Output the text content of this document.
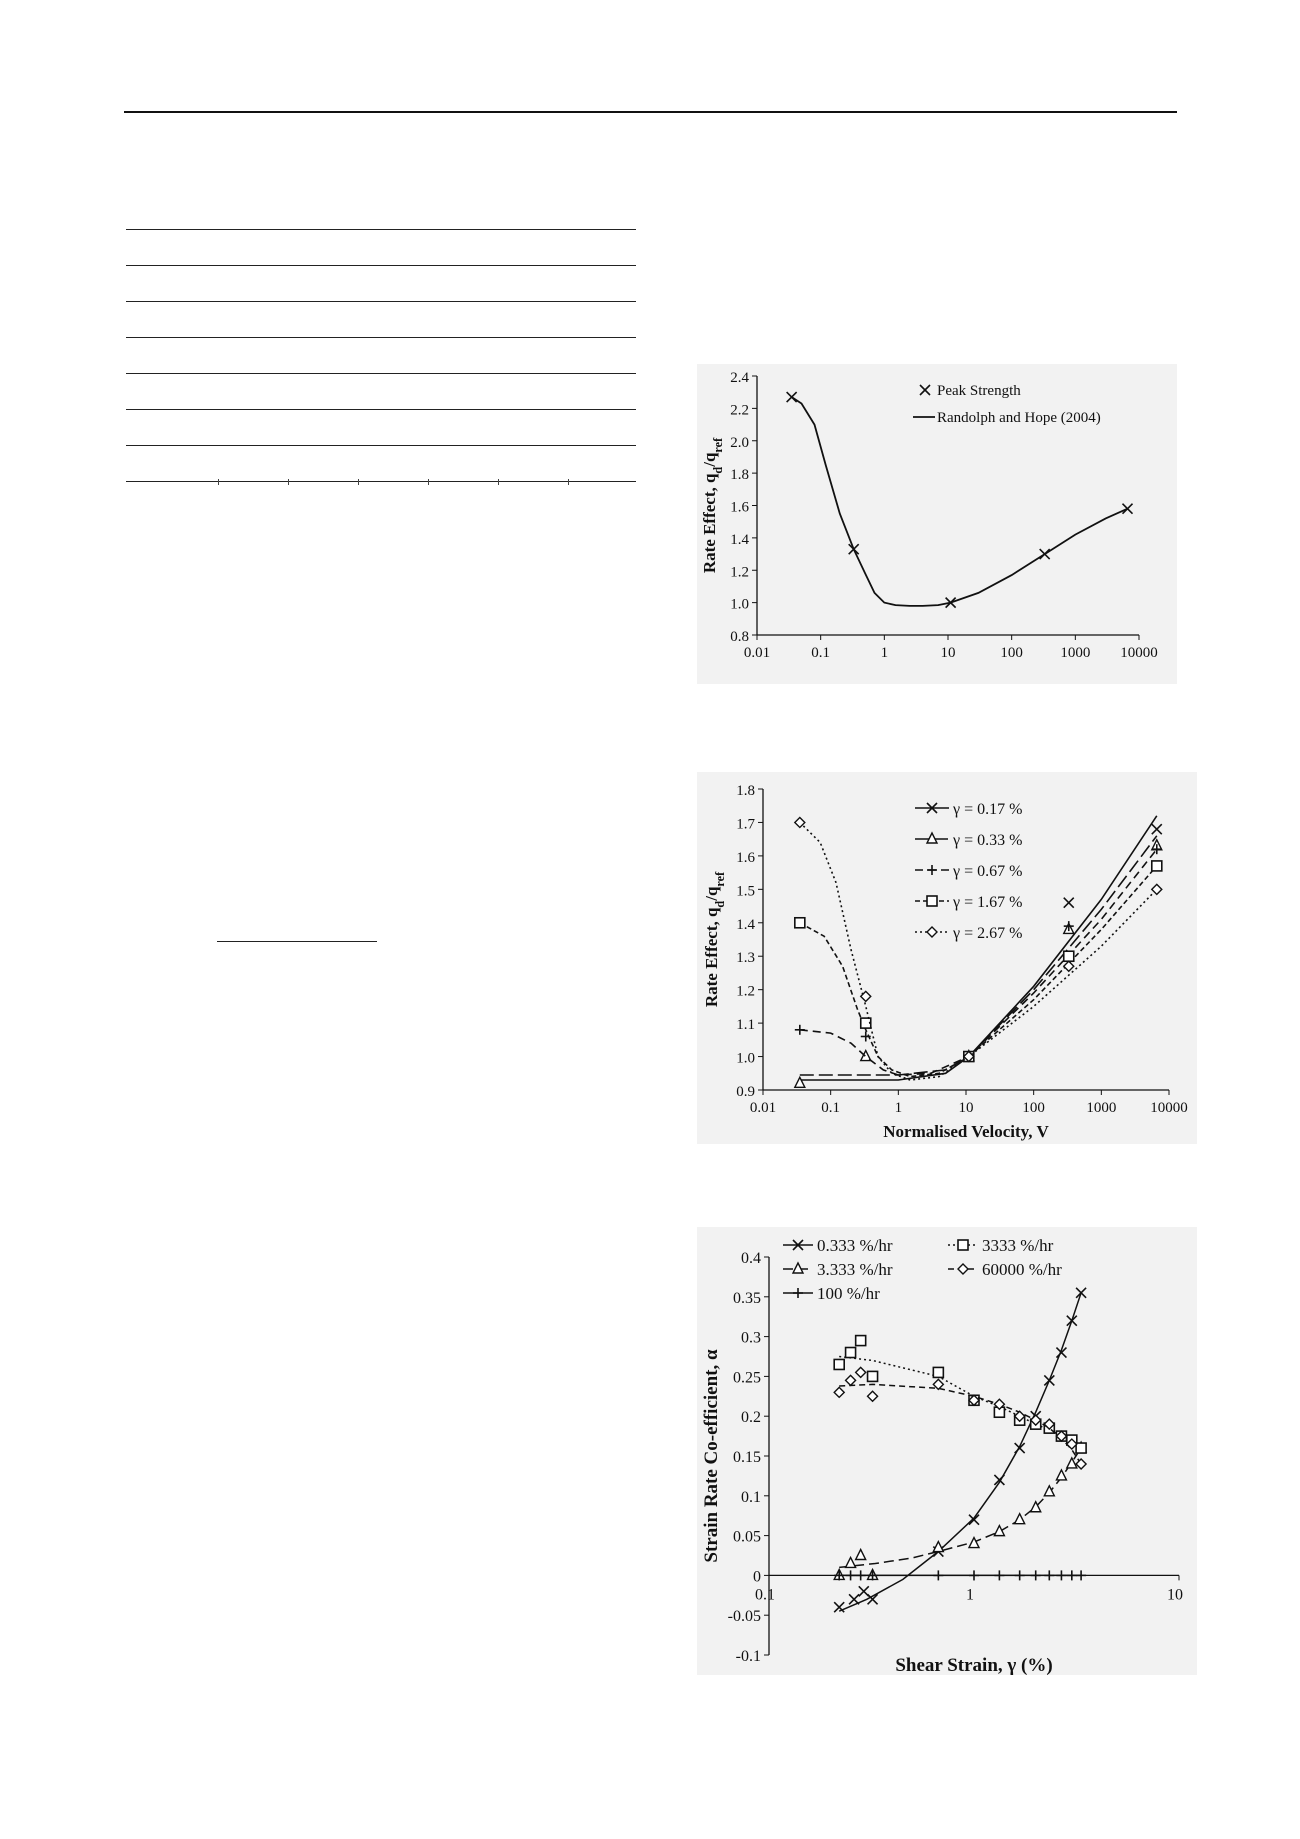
0.8
1.0
1.2
1.4
1.6
1.8
2.0
2.2
2.4
0.01	0.1	1	10	100 1000 10000
Rate Effect, $q_d/q_{ref}$
Peak Strength
Randolph and Hope (2004)
0.9
1.0
1.1
1.2
1.3
1.4
1.5
1.6
1.7
1.8
0.01	0.1	1	10	100	1000 10000
Rate Effect, $q_d/q_{ref}$
Normalised Velocity, V
γ = 0.17 %
γ = 0.33 %
γ = 0.67 %
γ = 1.67 %
γ = 2.67 %
-0.1
-0.05
0
0.05
0.1
0.15
0.2
0.25
0.3
0.35
0.4
0.1	1	10
Strain Rate Co-efficient, α
Shear Strain, γ (%)
0.333 %/hr
3.333 %/hr
100 %/hr
3333 %/hr
60000 %/hr
